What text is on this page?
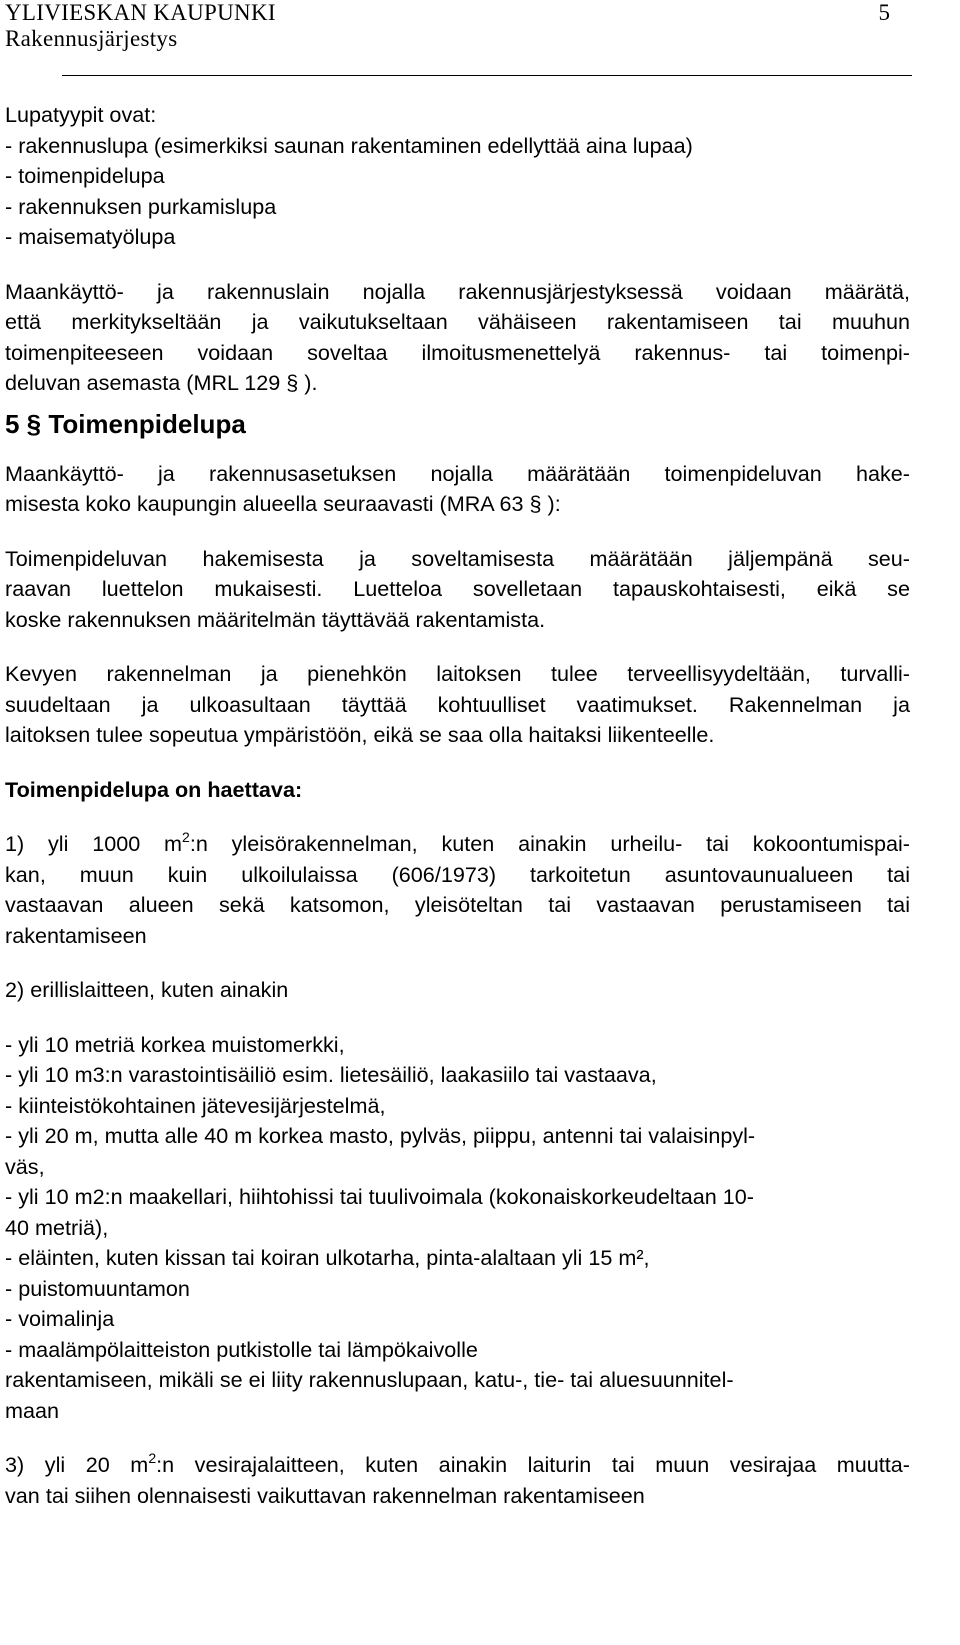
YLIVIESKAN KAUPUNKI
Rakennusjärjestys
5
Lupatyypit ovat:
- rakennuslupa (esimerkiksi saunan rakentaminen edellyttää aina lupaa)
- toimenpidelupa
- rakennuksen purkamislupa
- maisematyölupa
Maankäyttö- ja rakennuslain nojalla rakennusjärjestyksessä voidaan määrätä,
että merkitykseltään ja vaikutukseltaan vähäiseen rakentamiseen tai muuhun
toimenpiteeseen voidaan soveltaa ilmoitusmenettelyä rakennus- tai toimenpi-
deluvan asemasta (MRL 129 § ).
5 § Toimenpidelupa
Maankäyttö- ja rakennusasetuksen nojalla määrätään toimenpideluvan hake-
misesta koko kaupungin alueella seuraavasti (MRA 63 § ):
Toimenpideluvan hakemisesta ja soveltamisesta määrätään jäljempänä seu-
raavan luettelon mukaisesti. Luetteloa sovelletaan tapauskohtaisesti, eikä se
koske rakennuksen määritelmän täyttävää rakentamista.
Kevyen rakennelman ja pienehkön laitoksen tulee terveellisyydeltään, turvalli-
suudeltaan ja ulkoasultaan täyttää kohtuulliset vaatimukset. Rakennelman ja
laitoksen tulee sopeutua ympäristöön, eikä se saa olla haitaksi liikenteelle.
Toimenpidelupa on haettava:
1) yli 1000 $m^2:n$ yleisörakennelman, kuten ainakin urheilu- tai kokoontumispai-
kan, muun kuin ulkoilulaissa (606/1973) tarkoitetun asuntovaunualueen tai
vastaavan alueen sekä katsomon, yleisöteltan tai vastaavan perustamiseen tai
rakentamiseen
2) erillislaitteen, kuten ainakin
- yli 10 metriä korkea muistomerkki,
- yli 10 m3:n varastointisäiliö esim. lietesäiliö, laakasiilo tai vastaava,
- kiinteistökohtainen jätevesijärjestelmä,
- yli 20 m, mutta alle 40 m korkea masto, pylväs, piippu, antenni tai valaisinpyl-
väs,
- yli 10 m2:n maakellari, hiihtohissi tai tuulivoimala (kokonaiskorkeudeltaan 10-
40 metriä),
- eläinten, kuten kissan tai koiran ulkotarha, pinta-alaltaan yli 15 m²,
- puistomuuntamon
- voimalinja
- maalämpölaitteiston putkistolle tai lämpökaivolle
rakentamiseen, mikäli se ei liity rakennuslupaan, katu-, tie- tai aluesuunnitel-
maan
3) yli 20 $m^2:n$ vesirajalaitteen, kuten ainakin laiturin tai muun vesirajaa muutta-
van tai siihen olennaisesti vaikuttavan rakennelman rakentamiseen
